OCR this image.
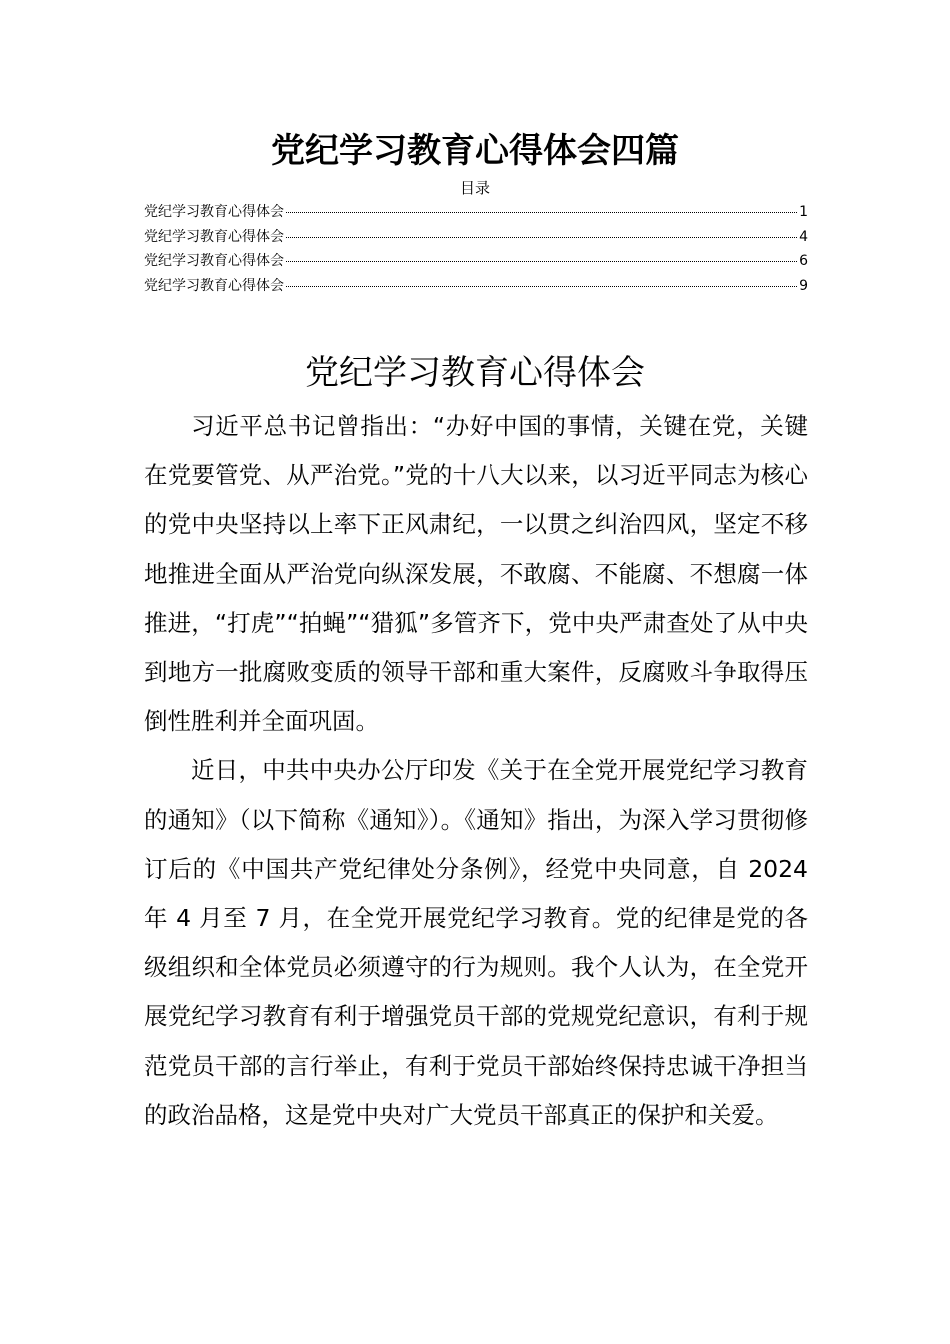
党纪学习教育心得体会四篇
目录
党纪学习教育心得体会	1
党纪学习教育心得体会	4
党纪学习教育心得体会	6
党纪学习教育心得体会	9
党纪学习教育心得体会

习近平总书记曾指出：“办好中国的事情，关键在党，关键在党要管党、从严治党。”党的十八大以来，以习近平同志为核心的党中央坚持以上率下正风肃纪，一以贯之纠治四风，坚定不移地推进全面从严治党向纵深发展，不敢腐、不能腐、不想腐一体推进，“打虎”“拍蝇”“猎狐”多管齐下，党中央严肃查处了从中央到地方一批腐败变质的领导干部和重大案件，反腐败斗争取得压倒性胜利并全面巩固。

近日，中共中央办公厅印发《关于在全党开展党纪学习教育的通知》（以下简称《通知》）。《通知》指出，为深入学习贯彻修订后的《中国共产党纪律处分条例》，经党中央同意，自 2024 年 4 月至 7 月，在全党开展党纪学习教育。党的纪律是党的各级组织和全体党员必须遵守的行为规则。我个人认为，在全党开展党纪学习教育有利于增强党员干部的党规党纪意识，有利于规范党员干部的言行举止，有利于党员干部始终保持忠诚干净担当的政治品格，这是党中央对广大党员干部真正的保护和关爱。
